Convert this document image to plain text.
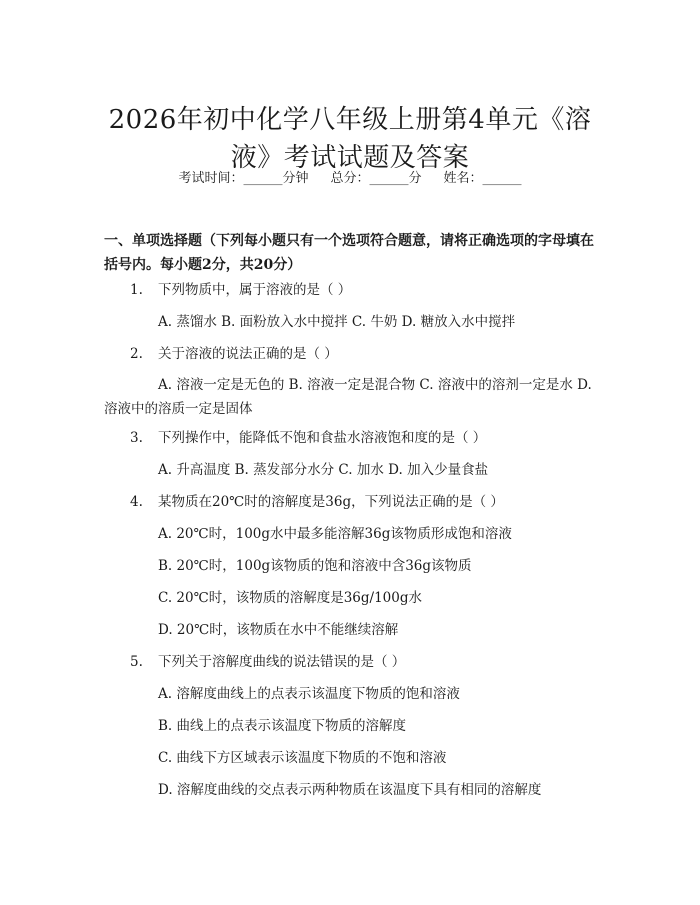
2026年初中化学八年级上册第4单元《溶液》考试试题及答案
考试时间：______分钟 总分：______分 姓名：______
一、单项选择题（下列每小题只有一个选项符合题意，请将正确选项的字母填在括号内。每小题2分，共20分）
1. 下列物质中，属于溶液的是（ ）
A. 蒸馏水 B. 面粉放入水中搅拌 C. 牛奶 D. 糖放入水中搅拌
2. 关于溶液的说法正确的是（ ）
A. 溶液一定是无色的 B. 溶液一定是混合物 C. 溶液中的溶剂一定是水 D. 溶液中的溶质一定是固体
3. 下列操作中，能降低不饱和食盐水溶液饱和度的是（ ）
A. 升高温度 B. 蒸发部分水分 C. 加水 D. 加入少量食盐
4. 某物质在20℃时的溶解度是36g，下列说法正确的是（ ）
A. 20℃时，100g水中最多能溶解36g该物质形成饱和溶液
B. 20℃时，100g该物质的饱和溶液中含36g该物质
C. 20℃时，该物质的溶解度是36g/100g水
D. 20℃时，该物质在水中不能继续溶解
5. 下列关于溶解度曲线的说法错误的是（ ）
A. 溶解度曲线上的点表示该温度下物质的饱和溶液
B. 曲线上的点表示该温度下物质的溶解度
C. 曲线下方区域表示该温度下物质的不饱和溶液
D. 溶解度曲线的交点表示两种物质在该温度下具有相同的溶解度
